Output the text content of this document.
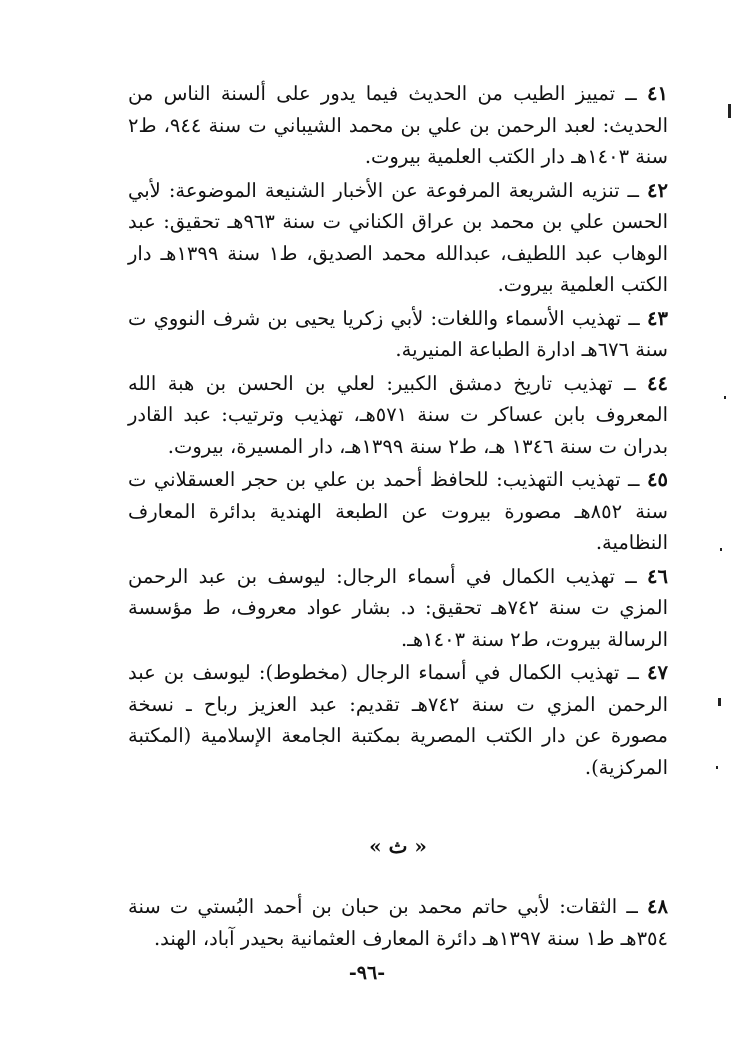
٤١ ــ تمييز الطيب من الحديث فيما يدور على ألسنة الناس من الحديث: لعبد الرحمن بن علي بن محمد الشيباني ت سنة ٩٤٤، ط٢ سنة ١٤٠٣هـ دار الكتب العلمية بيروت.

٤٢ ــ تنزيه الشريعة المرفوعة عن الأخبار الشنيعة الموضوعة: لأبي الحسن علي بن محمد بن عراق الكناني ت سنة ٩٦٣هـ تحقيق: عبد الوهاب عبد اللطيف، عبدالله محمد الصديق، ط١ سنة ١٣٩٩هـ دار الكتب العلمية بيروت.

٤٣ ــ تهذيب الأسماء واللغات: لأبي زكريا يحيى بن شرف النووي ت سنة ٦٧٦هـ ادارة الطباعة المنيرية.

٤٤ ــ تهذيب تاريخ دمشق الكبير: لعلي بن الحسن بن هبة الله المعروف بابن عساكر ت سنة ٥٧١هـ، تهذيب وترتيب: عبد القادر بدران ت سنة ١٣٤٦ هـ، ط٢ سنة ١٣٩٩هـ، دار المسيرة، بيروت.

٤٥ ــ تهذيب التهذيب: للحافظ أحمد بن علي بن حجر العسقلاني ت سنة ٨٥٢هـ مصورة بيروت عن الطبعة الهندية بدائرة المعارف النظامية.

٤٦ ــ تهذيب الكمال في أسماء الرجال: ليوسف بن عبد الرحمن المزي ت سنة ٧٤٢هـ تحقيق: د. بشار عواد معروف، ط مؤسسة الرسالة بيروت، ط٢ سنة ١٤٠٣هـ.

٤٧ ــ تهذيب الكمال في أسماء الرجال (مخطوط): ليوسف بن عبد الرحمن المزي ت سنة ٧٤٢هـ تقديم: عبد العزيز رباح ـ نسخة مصورة عن دار الكتب المصرية بمكتبة الجامعة الإسلامية (المكتبة المركزية).

« ث »

٤٨ ــ الثقات: لأبي حاتم محمد بن حبان بن أحمد البُستي ت سنة ٣٥٤هـ ط١ سنة ١٣٩٧هـ دائرة المعارف العثمانية بحيدر آباد، الهند.

-٩٦-
